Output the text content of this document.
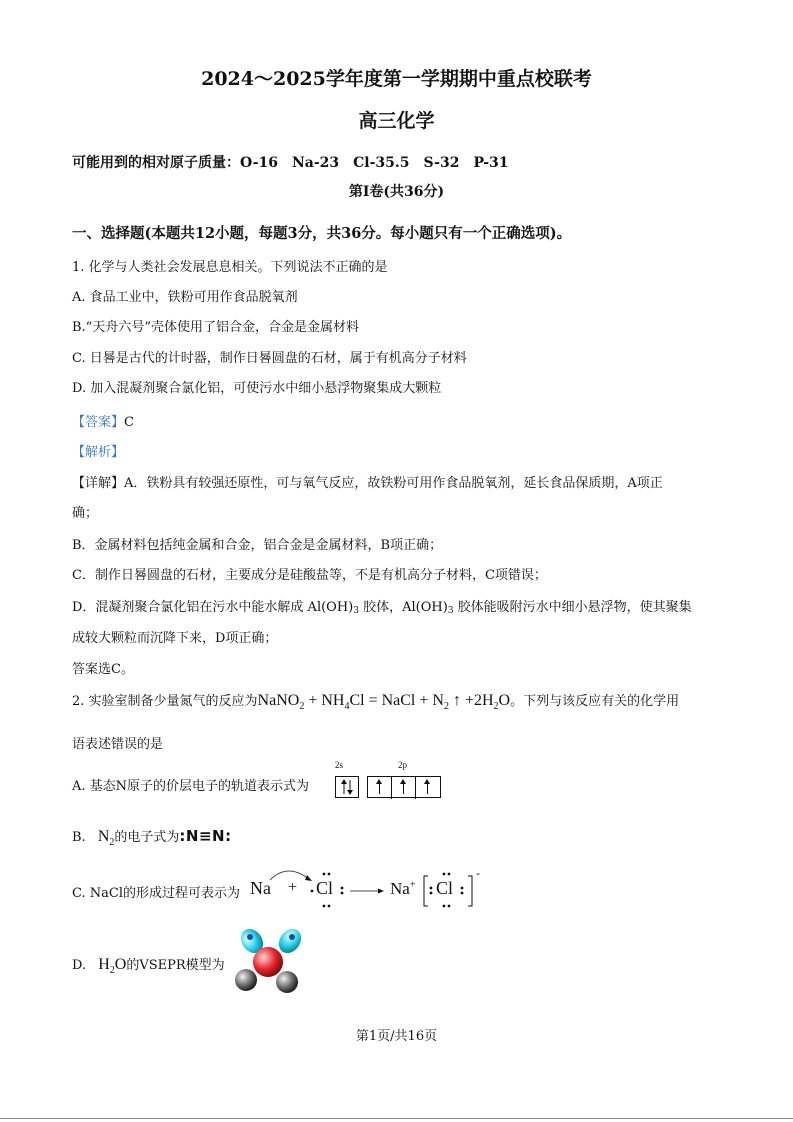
2024～2025学年度第一学期期中重点校联考
高三化学
可能用到的相对原子质量：O-16　Na-23　Cl-35.5　S-32　P-31
第Ⅰ卷(共36分)
一、选择题(本题共12小题，每题3分，共36分。每小题只有一个正确选项)。
1. 化学与人类社会发展息息相关。下列说法不正确的是
A. 食品工业中，铁粉可用作食品脱氧剂
B.“天舟六号”壳体使用了铝合金，合金是金属材料
C. 日晷是古代的计时器，制作日晷圆盘的石材，属于有机高分子材料
D. 加入混凝剂聚合氯化铝，可使污水中细小悬浮物聚集成大颗粒
【答案】C
【解析】
【详解】A．铁粉具有较强还原性，可与氧气反应，故铁粉可用作食品脱氧剂，延长食品保质期，A项正
确；
B．金属材料包括纯金属和合金，铝合金是金属材料，B项正确；
C．制作日晷圆盘的石材，主要成分是硅酸盐等，不是有机高分子材料，C项错误；
D．混凝剂聚合氯化铝在污水中能水解成 $Al(OH)_3$ 胶体，$Al(OH)_3$ 胶体能吸附污水中细小悬浮物，使其聚集
成较大颗粒而沉降下来，D项正确；
答案选C。
2. 实验室制备少量氮气的反应为NaNO$_2$ + $NH_4Cl$ = NaCl + $N_2$ ↑ $+2H_2O$。下列与该反应有关的化学用
语表述错误的是
A. 基态N原子的价层电子的轨道表示式为
2s	2p
B. $N_2$的电子式为:N≡N:
C. NaCl的形成过程可表示为 Na + Cl	Na+ Cl
-
D. $H_2O$的VSEPR模型为
第1页/共16页
